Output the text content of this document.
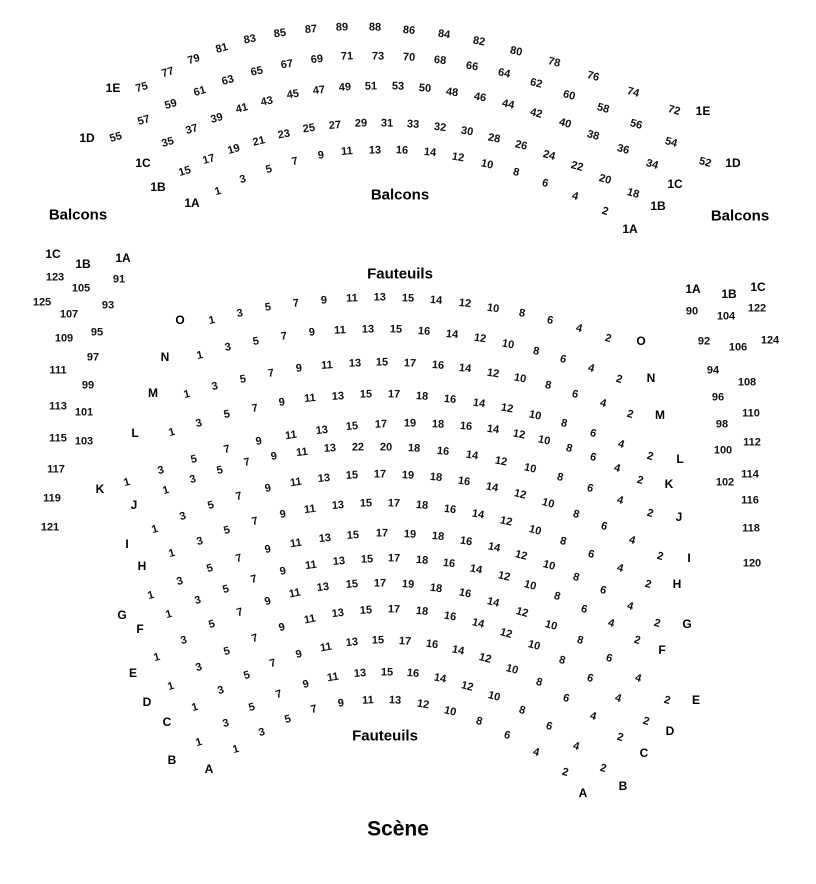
Balcons
Balcons
Balcons
Fauteuils
Fauteuils
Scène
1E
1E
75
77
79
81
83 85 87 89 88 86 84
82
80
78
76
74
72
1D
1D
55
57
59
61
63
65 67 69 71 73 70 68 66
64
62
60
58
56
54
52
1C
1C
35
37
39
41
43 45 47 49 51 53 50 48 46 44
42
40
38
36
34
1B
1B
15
17
19
21 23 25 27 29 31 33 32 30 28
26
24
22
20
18
1A
1A
1
3
5
7 9 11 13 16 14 12 10
8
6
4
2
O
O
1
3 5 7 9 11 13 15 14 12 10 8
6
4
2
N
N
1
3 5 7 9 11 13 15 16 14 12 10 8
6
4
2
M
M
1
3
5 7 9 11 13 15 17 16 14 12 10
8
6
4
2
L
L
1
3
5
7 9 11 13 15 17 18 16 14 12 10
8
6
4
2
K	K
1
3
5
7
9 11 13 15 17 19 18 16 14 12 10
8
6
4
2
J
J
1
3
5
7 9 11 13 22 20 18 16 14 12
10
8
6
4
2
I
I
1
3
5
7
9 11 13 15 17 19 18 16 14
12
10
8
6
4
2
H
H
1
3
5
7
9 11 13 15 17 18 16 14 12
10
8
6
4
2
G
G
1
3
5
7
9 11 13 15 17 19 18 16 14
12
10
8
6
4
2
F
F
1
3
5
7
9 11 13 15 17 18 16 14 12
10
8
6
4
2
E
E
1
3
5
7
9
11 13 15 17 19 18 16
14
12
10
8
6
4
2
D
D
1
3
5
7
9
11 13 15 17 18 16 14
12
10
8
6
4
2
C
C
1
3
5
7
9
11 13 15 17 16 14
12
10
8
6
4
2
B
B
1
3
5
7
9
11 13 15 16 14
12
10
8
6
4
2
A
A
1
3
5
7 9 11 13 12 10
8
6
4
2
1C
1B 1A
123
105
91
125
107
93
109 95
111
97
99
113 101
115 103
117
119
121
1A 1B 1C
90 104
122
92 106
124
94
108
96
110
98
100
112
102
114
116
118
120
